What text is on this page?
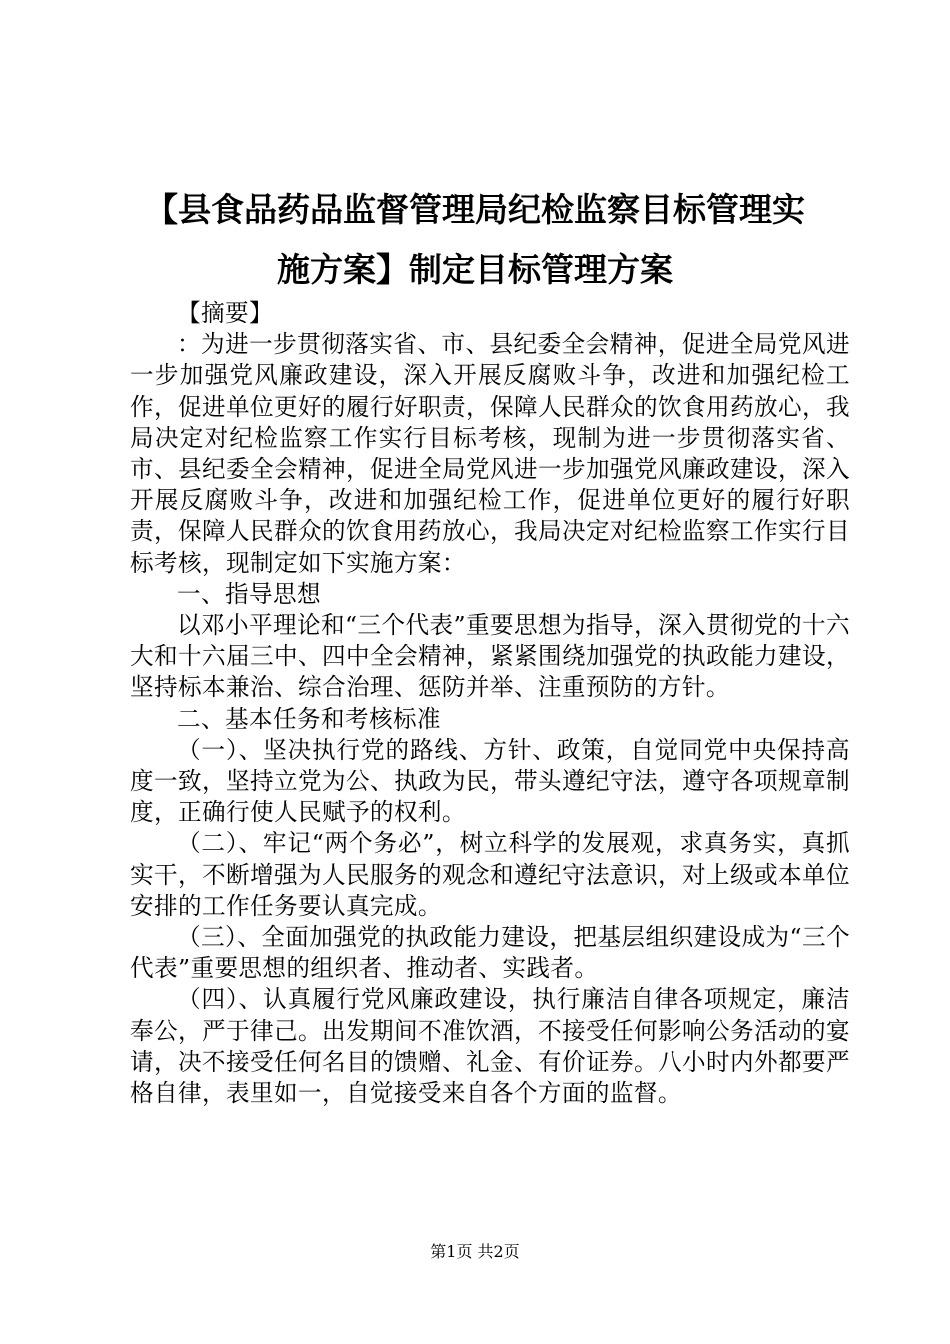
【县食品药品监督管理局纪检监察目标管理实
施方案】制定目标管理方案

【摘要】

：为进一步贯彻落实省、市、县纪委全会精神，促进全局党风进一步加强党风廉政建设，深入开展反腐败斗争，改进和加强纪检工作，促进单位更好的履行好职责，保障人民群众的饮食用药放心，我局决定对纪检监察工作实行目标考核，现制为进一步贯彻落实省、市、县纪委全会精神，促进全局党风进一步加强党风廉政建设，深入开展反腐败斗争，改进和加强纪检工作，促进单位更好的履行好职责，保障人民群众的饮食用药放心，我局决定对纪检监察工作实行目标考核，现制定如下实施方案：

一、指导思想

以邓小平理论和“三个代表”重要思想为指导，深入贯彻党的十六大和十六届三中、四中全会精神，紧紧围绕加强党的执政能力建设，坚持标本兼治、综合治理、惩防并举、注重预防的方针。

二、基本任务和考核标准

（一）、坚决执行党的路线、方针、政策，自觉同党中央保持高度一致，坚持立党为公、执政为民，带头遵纪守法，遵守各项规章制度，正确行使人民赋予的权利。

（二）、牢记“两个务必”，树立科学的发展观，求真务实，真抓实干，不断增强为人民服务的观念和遵纪守法意识，对上级或本单位安排的工作任务要认真完成。

（三）、全面加强党的执政能力建设，把基层组织建设成为“三个代表”重要思想的组织者、推动者、实践者。

（四）、认真履行党风廉政建设，执行廉洁自律各项规定，廉洁奉公，严于律己。出发期间不准饮酒，不接受任何影响公务活动的宴请，决不接受任何名目的馈赠、礼金、有价证券。八小时内外都要严格自律，表里如一，自觉接受来自各个方面的监督。

第1页 共2页
